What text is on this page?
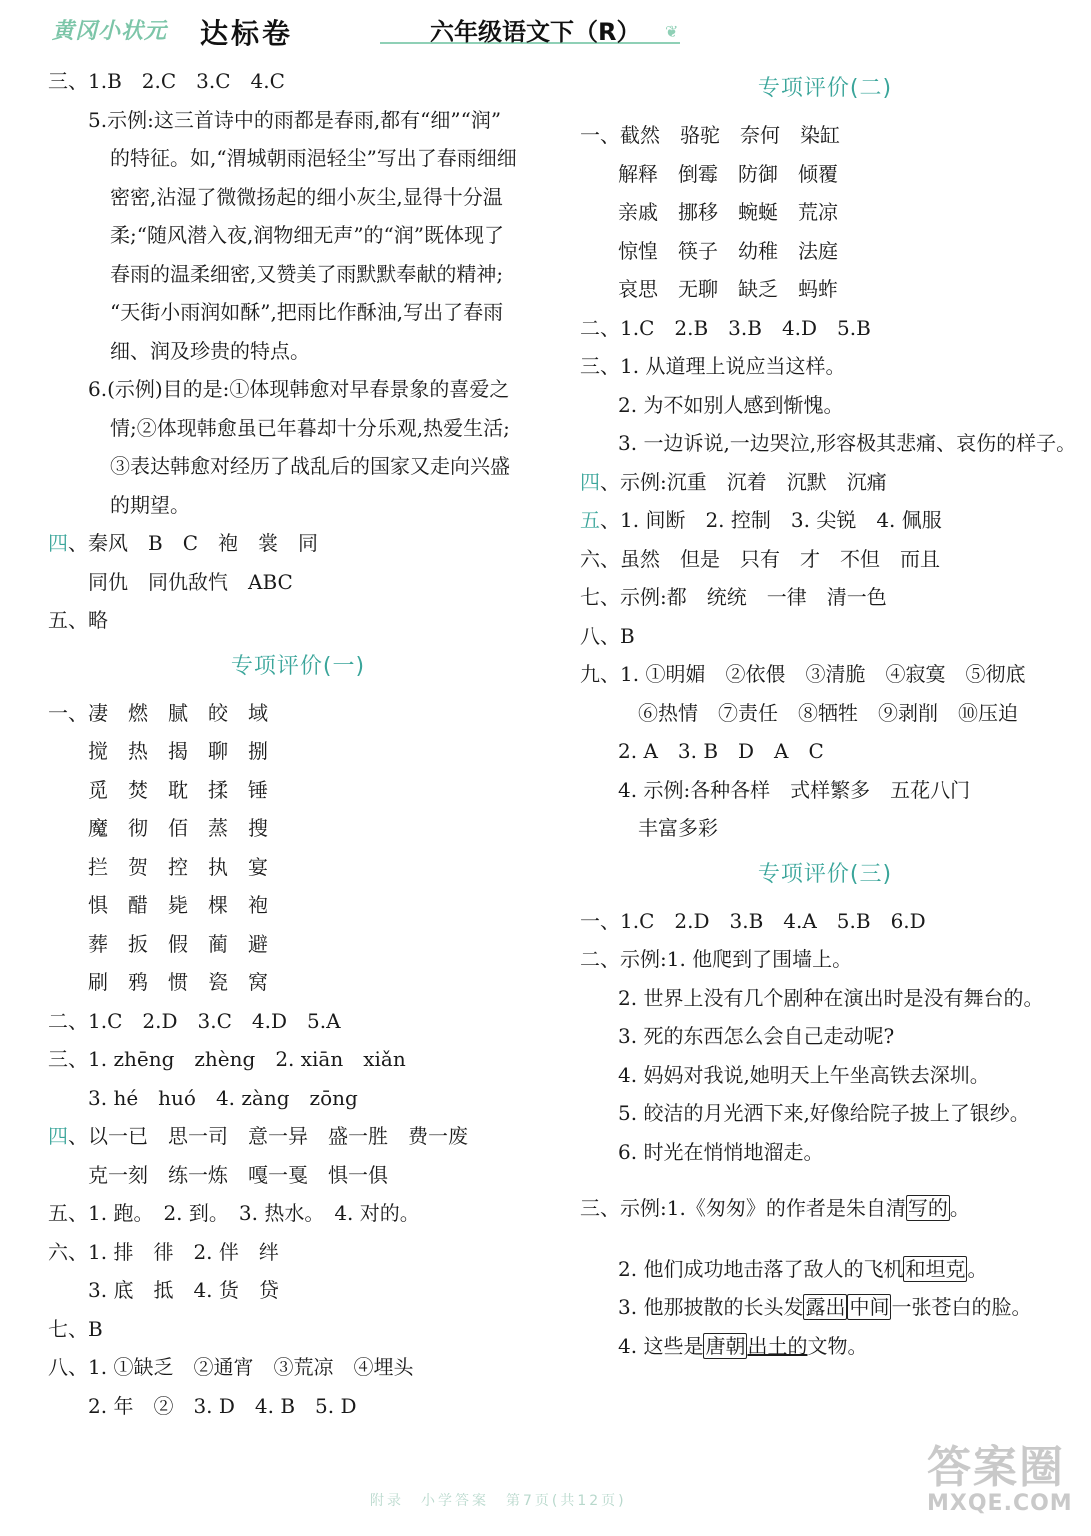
黄冈小状元 达标卷	六年级语文下（R） ❦
三、1.B　2.C　3.C　4.C
5.示例:这三首诗中的雨都是春雨,都有“细”“润”
的特征。如,“渭城朝雨浥轻尘”写出了春雨细细
密密,沾湿了微微扬起的细小灰尘,显得十分温
柔;“随风潜入夜,润物细无声”的“润”既体现了
春雨的温柔细密,又赞美了雨默默奉献的精神;
“天街小雨润如酥”,把雨比作酥油,写出了春雨
细、润及珍贵的特点。
6.(示例)目的是:①体现韩愈对早春景象的喜爱之
情;②体现韩愈虽已年暮却十分乐观,热爱生活;
③表达韩愈对经历了战乱后的国家又走向兴盛
的期望。
四、秦风　B　C　袍　裳　同
同仇　同仇敌忾　ABC
五、略
专项评价(一)
一、凄　燃　腻　皎　域
搅　热　揭　聊　捌
觅　焚　耽　揉　锤
魔　彻　佰　蒸　搜
拦　贺　控　执　宴
惧　醋　毙　棵　袍
葬　扳　假　蔺　避
刷　鸦　惯　瓷　窝
二、1.C　2.D　3.C　4.D　5.A
三、1. zhēng　zhèng　2. xiān　xiǎn
3. hé　huó　4. zàng　zōng
四、以一已　思一司　意一异　盛一胜　费一废
克一刻　练一炼　嘎一戛　惧一俱
五、1. 跑。　2. 到。　3. 热水。　4. 对的。
六、1. 排　徘　2. 伴　绊
3. 底　抵　4. 货　贷
七、B
八、1. ①缺乏　②通宵　③荒凉　④埋头
2. 年　②　3. D　4. B　5. D
专项评价(二)
一、截然　骆驼　奈何　染缸
解释　倒霉　防御　倾覆
亲戚　挪移　蜿蜒　荒凉
惊惶　筷子　幼稚　法庭
哀思　无聊　缺乏　蚂蚱
二、1.C　2.B　3.B　4.D　5.B
三、1. 从道理上说应当这样。
2. 为不如别人感到惭愧。
3. 一边诉说,一边哭泣,形容极其悲痛、哀伤的样子。
四、示例:沉重　沉着　沉默　沉痛
五、1. 间断　2. 控制　3. 尖锐　4. 佩服
六、虽然　但是　只有　才　不但　而且
七、示例:都　统统　一律　清一色
八、B
九、1. ①明媚　②依偎　③清脆　④寂寞　⑤彻底
⑥热情　⑦责任　⑧牺牲　⑨剥削　⑩压迫
2. A　3. B　D　A　C
4. 示例:各种各样　式样繁多　五花八门
丰富多彩
专项评价(三)
一、1.C　2.D　3.B　4.A　5.B　6.D
二、示例:1. 他爬到了围墙上。
2. 世界上没有几个剧种在演出时是没有舞台的。
3. 死的东西怎么会自己走动呢?
4. 妈妈对我说,她明天上午坐高铁去深圳。
5. 皎洁的月光洒下来,好像给院子披上了银纱。
6. 时光在悄悄地溜走。
三、示例:1.《匆匆》的作者是朱自清 写的 。
2. 他们成功地击落了敌人的飞机 和坦克 。
3. 他那披散的长头发 露出 中间 一张苍白的脸。
4. 这些是 唐朝 出土的文物。
附录　小学答案　第7页(共12页)
答案圈
MXQE.COM
